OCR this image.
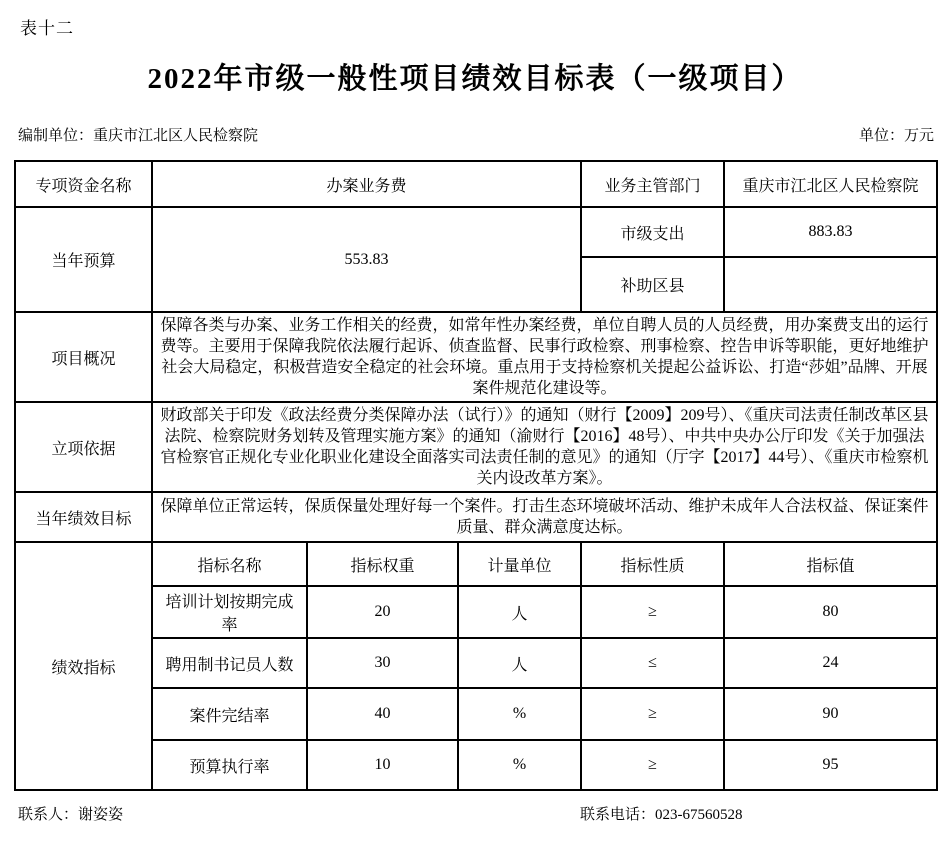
表十二
2022年市级一般性项目绩效目标表（一级项目）
编制单位：重庆市江北区人民检察院	单位：万元
专项资金名称	办案业务费			业务主管部门	重庆市江北区人民检察院
当年预算	553.83			市级支出	883.83
				补助区县	
项目概况	保障各类与办案、业务工作相关的经费，如常年性办案经费，单位自聘人员的人员经费，用办案费支出的运行费等。主要用于保障我院依法履行起诉、侦查监督、民事行政检察、刑事检察、控告申诉等职能，更好地维护社会大局稳定，积极营造安全稳定的社会环境。重点用于支持检察机关提起公益诉讼、打造“莎姐”品牌、开展案件规范化建设等。				
立项依据	财政部关于印发《政法经费分类保障办法（试行）》的通知（财行【2009】209号）、《重庆司法责任制改革区县法院、检察院财务划转及管理实施方案》的通知（渝财行【2016】48号）、中共中央办公厅印发《关于加强法官检察官正规化专业化职业化建设全面落实司法责任制的意见》的通知（厅字【2017】44号）、《重庆市检察机关内设改革方案》。				
当年绩效目标	保障单位正常运转，保质保量处理好每一个案件。打击生态环境破坏活动、维护未成年人合法权益、保证案件质量、群众满意度达标。				
绩效指标	指标名称	指标权重	计量单位	指标性质	指标值
	培训计划按期完成率	20	人	≥	80
	聘用制书记员人数	30	人	≤	24
	案件完结率	40	%	≥	90
	预算执行率	10	%	≥	95
联系人：谢姿姿	联系电话：023-67560528
